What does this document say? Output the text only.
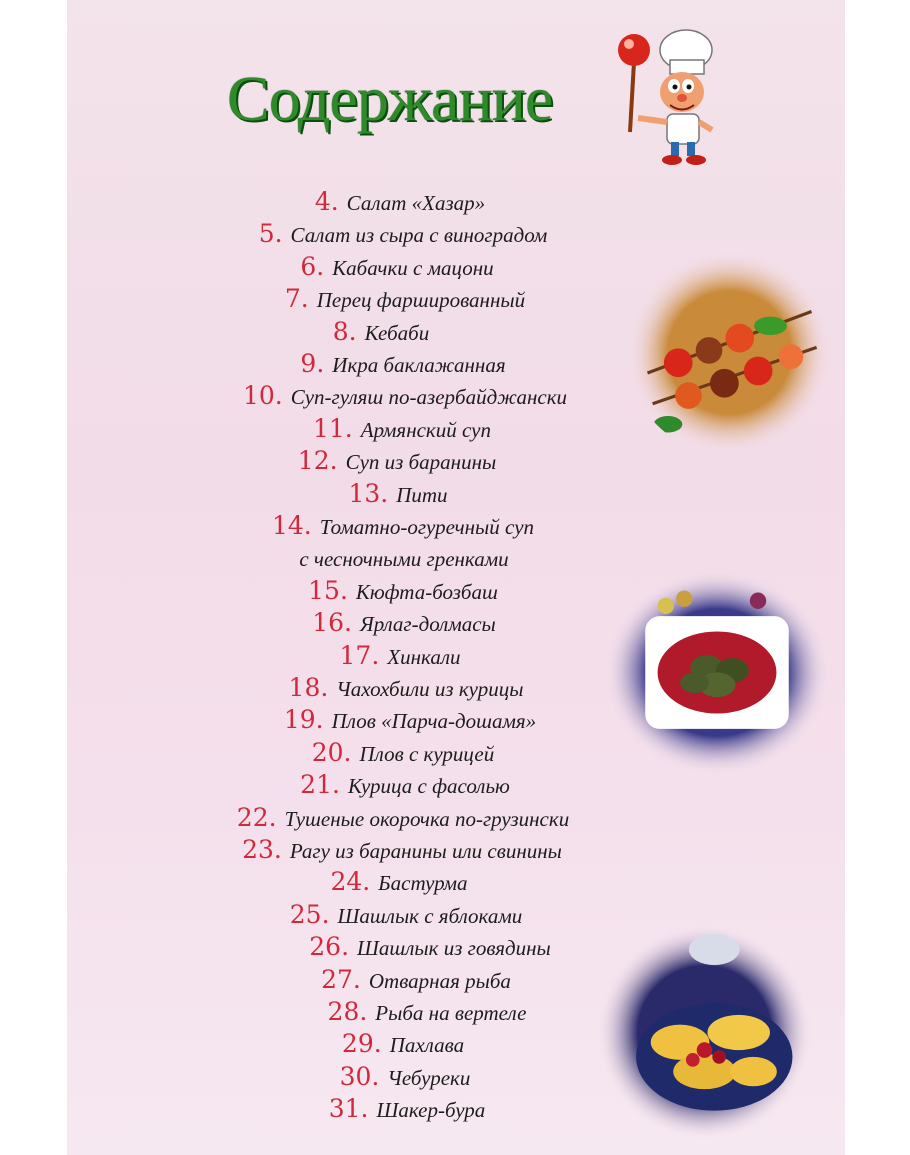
Содержание
4. Салат «Хазар»
5. Салат из сыра с виноградом
6. Кабачки с мацони
7. Перец фаршированный
8. Кебаби
9. Икра баклажанная
10. Суп-гуляш по-азербайджански
11. Армянский суп
12. Суп из баранины
13. Пити
14. Томатно-огуречный суп
с чесночными гренками
15. Кюфта-бозбаш
16. Ярлаг-долмасы
17. Хинкали
18. Чахохбили из курицы
19. Плов «Парча-дошамя»
20. Плов с курицей
21. Курица с фасолью
22. Тушеные окорочка по-грузински
23. Рагу из баранины или свинины
24. Бастурма
25. Шашлык с яблоками
26. Шашлык из говядины
27. Отварная рыба
28. Рыба на вертеле
29. Пахлава
30. Чебуреки
31. Шакер-бура
